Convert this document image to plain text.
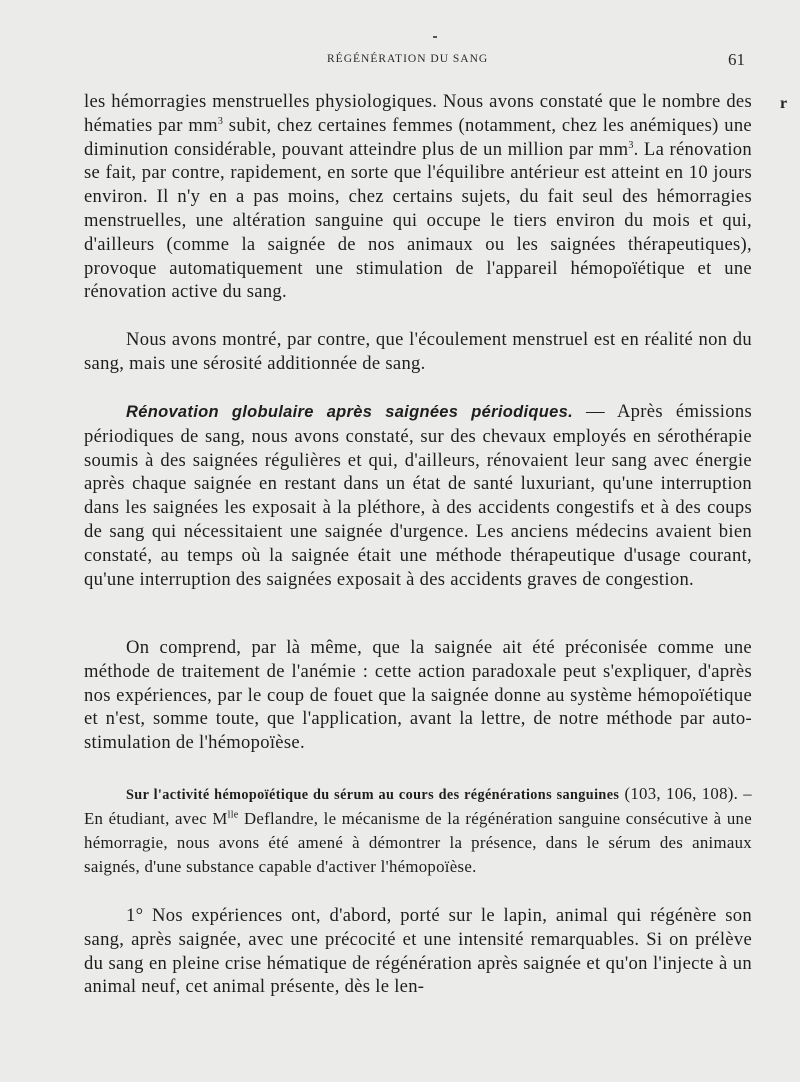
RÉGÉNÉRATION DU SANG	61
r

les hémorragies menstruelles physiologiques. Nous avons constaté que le nombre des hématies par $mm^3$ subit, chez certaines femmes (notamment, chez les anémiques) une diminution considérable, pouvant atteindre plus de un million par $mm^3$. La rénovation se fait, par contre, rapidement, en sorte que l'équilibre antérieur est atteint en 10 jours environ. Il n'y en a pas moins, chez certains sujets, du fait seul des hémorragies menstruelles, une altération sanguine qui occupe le tiers environ du mois et qui, d'ailleurs (comme la saignée de nos animaux ou les saignées thérapeutiques), provoque automatiquement une stimulation de l'appareil hémopoïétique et une rénovation active du sang.

Nous avons montré, par contre, que l'écoulement menstruel est en réalité non du sang, mais une sérosité additionnée de sang.

Rénovation globulaire après saignées périodiques. — Après émissions périodiques de sang, nous avons constaté, sur des chevaux employés en sérothérapie soumis à des saignées régulières et qui, d'ailleurs, rénovaient leur sang avec énergie après chaque saignée en restant dans un état de santé luxuriant, qu'une interruption dans les saignées les exposait à la pléthore, à des accidents congestifs et à des coups de sang qui nécessitaient une saignée d'urgence. Les anciens médecins avaient bien constaté, au temps où la saignée était une méthode thérapeutique d'usage courant, qu'une interruption des saignées exposait à des accidents graves de congestion.

On comprend, par là même, que la saignée ait été préconisée comme une méthode de traitement de l'anémie : cette action paradoxale peut s'expliquer, d'après nos expériences, par le coup de fouet que la saignée donne au système hémopoïétique et n'est, somme toute, que l'application, avant la lettre, de notre méthode par auto-stimulation de l'hémopoïèse.

Sur l'activité hémopoïétique du sérum au cours des régénérations sanguines (103, 106, 108). – En étudiant, avec $M^{lle}$ Deflandre, le mécanisme de la régénération sanguine consécutive à une hémorragie, nous avons été amené à démontrer la présence, dans le sérum des animaux saignés, d'une substance capable d'activer l'hémopoïèse.

1° Nos expériences ont, d'abord, porté sur le lapin, animal qui régénère son sang, après saignée, avec une précocité et une intensité remarquables. Si on prélève du sang en pleine crise hématique de régénération après saignée et qu'on l'injecte à un animal neuf, cet animal présente, dès le len-
